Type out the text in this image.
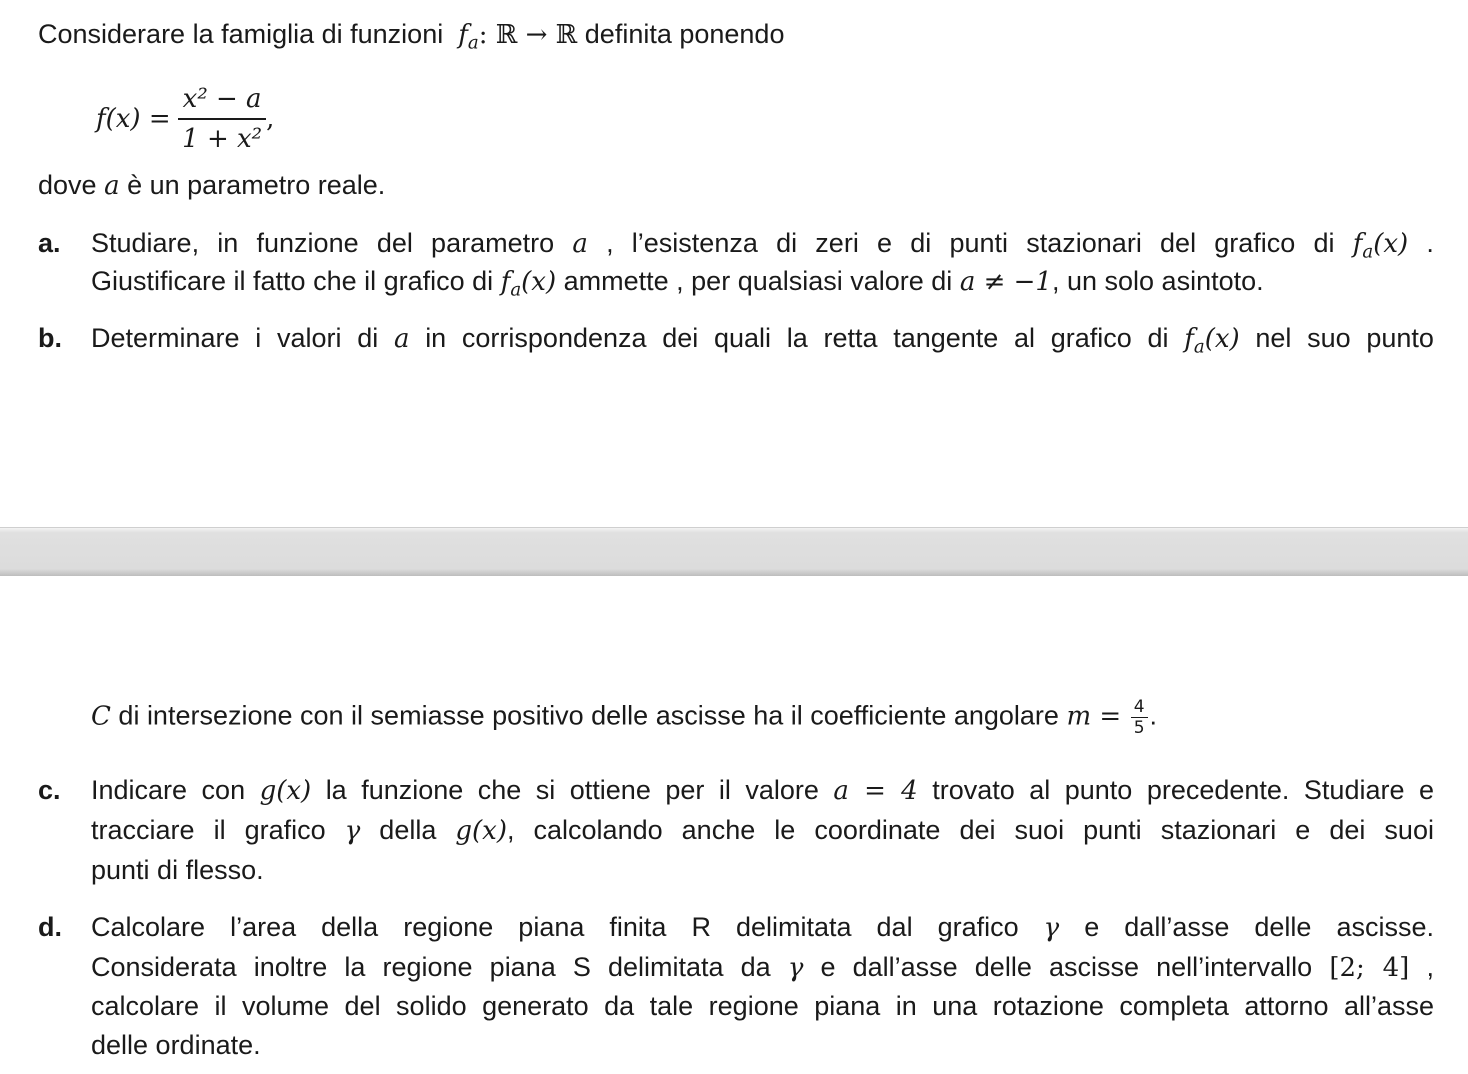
Considerare la famiglia di funzioni $f_a$: ℝ → ℝ definita ponendo
$f(x) = \frac{\text{x² − a}}{\text{1 + x²}}$ ,
dove a è un parametro reale.
a. Studiare, in funzione del parametro a , l’esistenza di zeri e di punti stazionari del grafico di $f_a(x)$ .
Giustificare il fatto che il grafico di $f_a(x)$ ammette , per qualsiasi valore di a ≠ −1, un solo asintoto.
b. Determinare i valori di a in corrispondenza dei quali la retta tangente al grafico di $f_a(x)$ nel suo punto
C di intersezione con il semiasse positivo delle ascisse ha il coefficiente angolare $m = \frac{4}{5}$ .
c. Indicare con g(x) la funzione che si ottiene per il valore a = 4 trovato al punto precedente. Studiare e
tracciare il grafico γ della g(x), calcolando anche le coordinate dei suoi punti stazionari e dei suoi
punti di flesso.
d. Calcolare l’area della regione piana finita R delimitata dal grafico γ e dall’asse delle ascisse.
Considerata inoltre la regione piana S delimitata da γ e dall’asse delle ascisse nell’intervallo [2; 4] ,
calcolare il volume del solido generato da tale regione piana in una rotazione completa attorno all’asse
delle ordinate.
